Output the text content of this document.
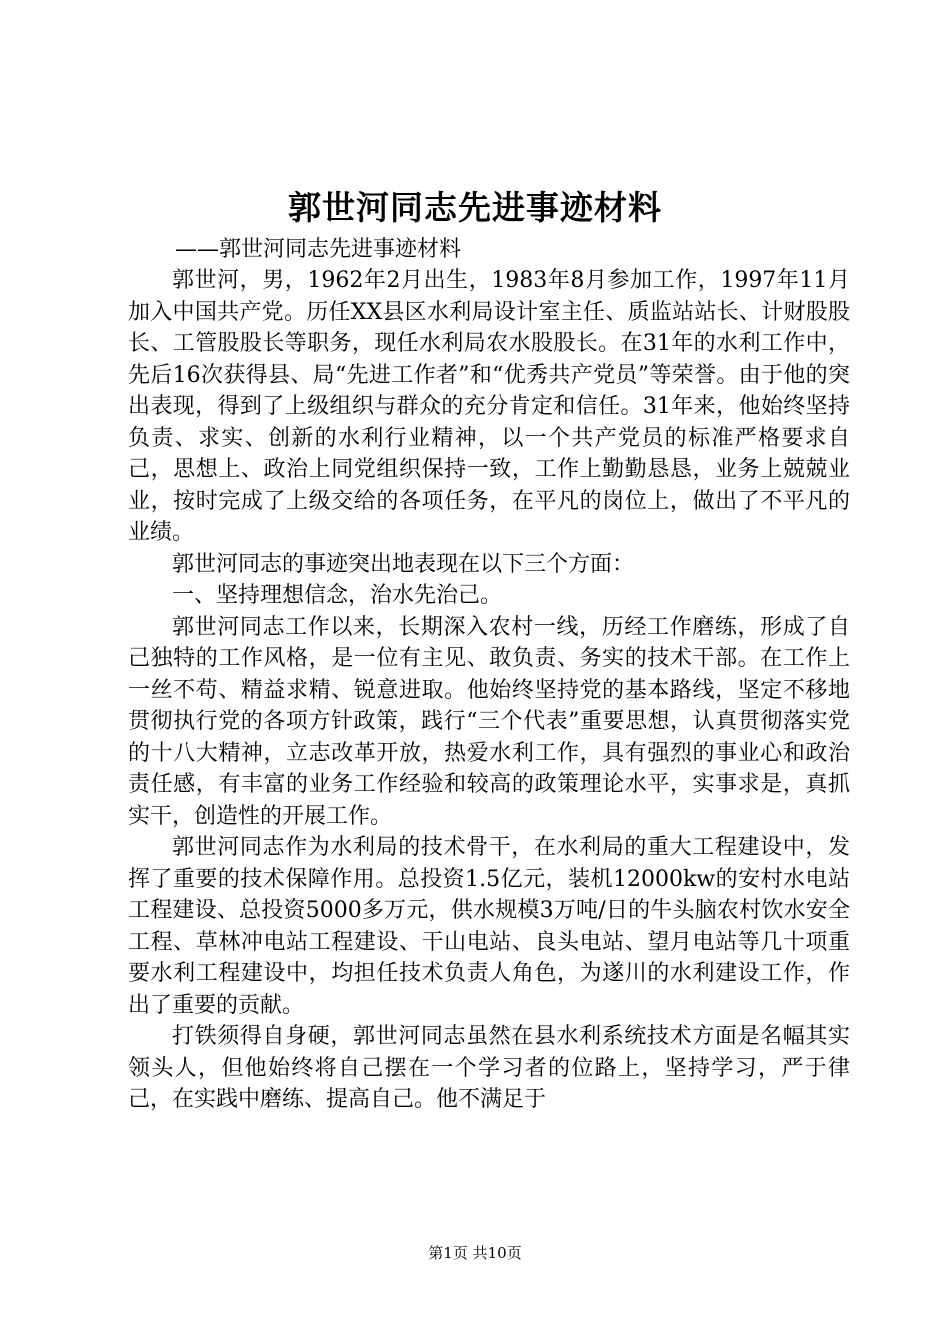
郭世河同志先进事迹材料
——郭世河同志先进事迹材料

郭世河，男，1962年2月出生，1983年8月参加工作，1997年11月加入中国共产党。历任XX县区水利局设计室主任、质监站站长、计财股股长、工管股股长等职务，现任水利局农水股股长。在31年的水利工作中，先后16次获得县、局“先进工作者”和“优秀共产党员”等荣誉。由于他的突出表现，得到了上级组织与群众的充分肯定和信任。31年来，他始终坚持负责、求实、创新的水利行业精神，以一个共产党员的标准严格要求自己，思想上、政治上同党组织保持一致，工作上勤勤恳恳，业务上兢兢业业，按时完成了上级交给的各项任务，在平凡的岗位上，做出了不平凡的业绩。

郭世河同志的事迹突出地表现在以下三个方面：

一、坚持理想信念，治水先治己。

郭世河同志工作以来，长期深入农村一线，历经工作磨练，形成了自己独特的工作风格，是一位有主见、敢负责、务实的技术干部。在工作上一丝不苟、精益求精、锐意进取。他始终坚持党的基本路线，坚定不移地贯彻执行党的各项方针政策，践行“三个代表”重要思想，认真贯彻落实党的十八大精神，立志改革开放，热爱水利工作，具有强烈的事业心和政治责任感，有丰富的业务工作经验和较高的政策理论水平，实事求是，真抓实干，创造性的开展工作。

郭世河同志作为水利局的技术骨干，在水利局的重大工程建设中，发挥了重要的技术保障作用。总投资1.5亿元，装机12000kw的安村水电站工程建设、总投资5000多万元，供水规模3万吨/日的牛头脑农村饮水安全工程、草林冲电站工程建设、干山电站、良头电站、望月电站等几十项重要水利工程建设中，均担任技术负责人角色，为遂川的水利建设工作，作出了重要的贡献。

打铁须得自身硬，郭世河同志虽然在县水利系统技术方面是名幅其实领头人，但他始终将自己摆在一个学习者的位路上，坚持学习，严于律己，在实践中磨练、提高自己。他不满足于

第1页 共10页
